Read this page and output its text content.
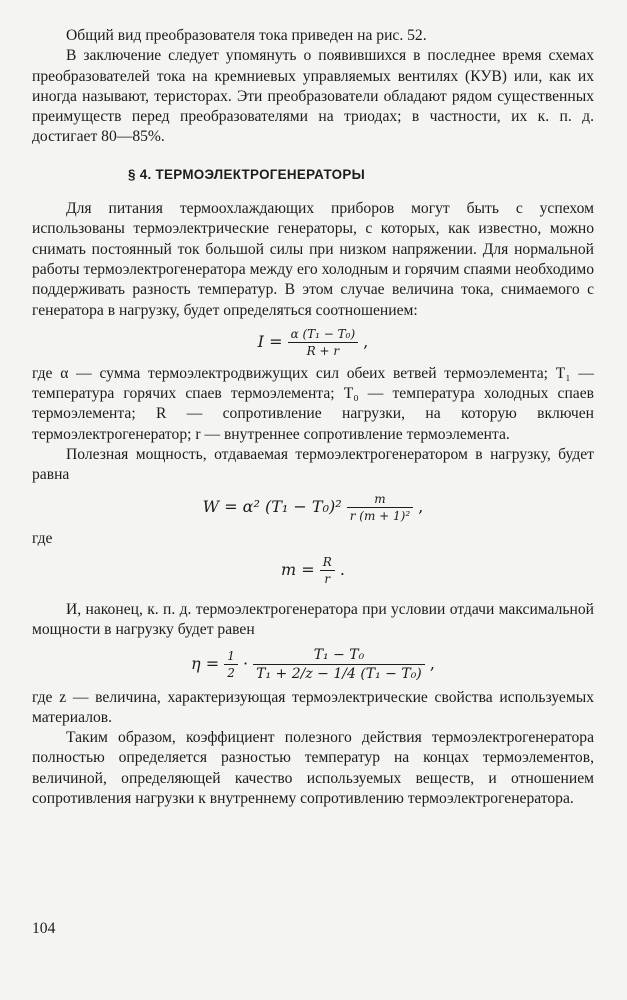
Общий вид преобразователя тока приведен на рис. 52.

В заключение следует упомянуть о появившихся в последнее время схемах преобразователей тока на кремниевых управляемых вентилях (КУВ) или, как их иногда называют, теристорах. Эти преобразователи обладают рядом существенных преимуществ перед преобразователями на триодах; в частности, их к. п. д. достигает 80—85%.

§ 4. ТЕРМОЭЛЕКТРОГЕНЕРАТОРЫ

Для питания термоохлаждающих приборов могут быть с успехом использованы термоэлектрические генераторы, с которых, как известно, можно снимать постоянный ток большой силы при низком напряжении. Для нормальной работы термоэлектрогенератора между его холодным и горячим спаями необходимо поддерживать разность температур. В этом случае величина тока, снимаемого с генератора в нагрузку, будет определяться соотношением:

$I = \frac{\text{α (T₁ − T₀)}}{R + r}$ ,

где α — сумма термоэлектродвижущих сил обеих ветвей термоэлемента; T₁ — температура горячих спаев термоэлемента; T₀ — температура холодных спаев термоэлемента; R — сопротивление нагрузки, на которую включен термоэлектрогенератор; r — внутреннее сопротивление термоэлемента.

Полезная мощность, отдаваемая термоэлектрогенератором в нагрузку, будет равна

W = α² $(T_1 - T_0)^2 \frac{m}{\text{r (m + 1)²}}$ ,

где

$m = \frac{R}{r}$ .

И, наконец, к. п. д. термоэлектрогенератора при условии отдачи максимальной мощности в нагрузку будет равен

$\eta = \frac{1}{2} \cdot \frac{\text{T₁ − T₀}}{\text{T₁ + 2/z − 1/4 (T₁ − T₀)}}$ ,

где z — величина, характеризующая термоэлектрические свойства используемых материалов.

Таким образом, коэффициент полезного действия термоэлектрогенератора полностью определяется разностью температур на концах термоэлементов, величиной, определяющей качество используемых веществ, и отношением сопротивления нагрузки к внутреннему сопротивлению термоэлектрогенератора.

104
